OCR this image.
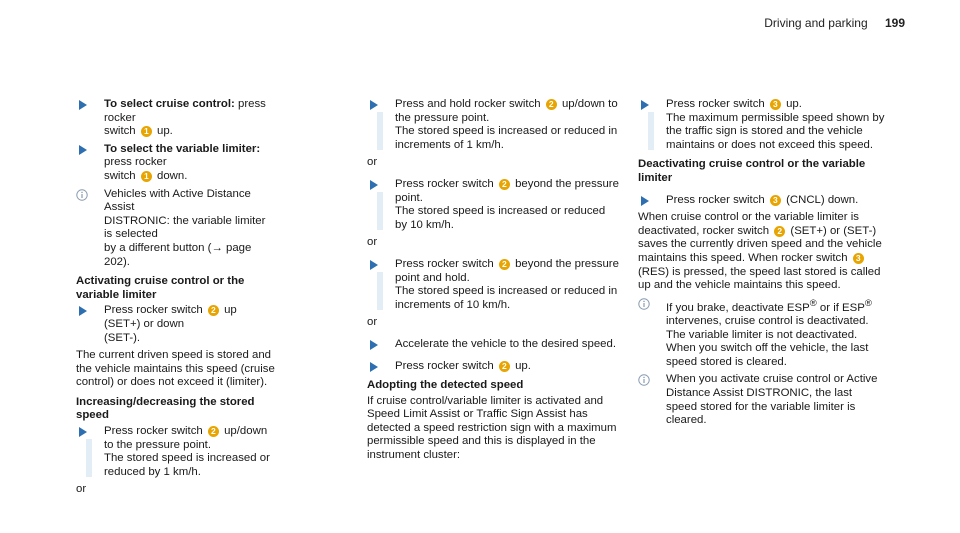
Driving and parking 199
To select cruise control: press rocker
switch 1 up.
To select the variable limiter: press rocker
switch 1 down.
Vehicles with Active Distance Assist
DISTRONIC: the variable limiter is selected
by a different button (→ page 202).
Activating cruise control or the variable limiter
Press rocker switch 2 up (SET+) or down
(SET-).
The current driven speed is stored and the vehicle maintains this speed (cruise control) or does not exceed it (limiter).
Increasing/decreasing the stored speed
Press rocker switch 2 up/down to the pressure point.
The stored speed is increased or reduced by 1 km/h.
or
Press and hold rocker switch 2 up/down to the pressure point.
The stored speed is increased or reduced in increments of 1 km/h.
or
Press rocker switch 2 beyond the pressure point.
The stored speed is increased or reduced by 10 km/h.
or
Press rocker switch 2 beyond the pressure point and hold.
The stored speed is increased or reduced in increments of 10 km/h.
or
Accelerate the vehicle to the desired speed.
Press rocker switch 2 up.
Adopting the detected speed
If cruise control/variable limiter is activated and Speed Limit Assist or Traffic Sign Assist has detected a speed restriction sign with a maximum permissible speed and this is displayed in the instrument cluster:
Press rocker switch 3 up.
The maximum permissible speed shown by the traffic sign is stored and the vehicle maintains or does not exceed this speed.
Deactivating cruise control or the variable limiter
Press rocker switch 3 (CNCL) down.
When cruise control or the variable limiter is deactivated, rocker switch 2 (SET+) or (SET-) saves the currently driven speed and the vehicle maintains this speed. When rocker switch 3 (RES) is pressed, the speed last stored is called up and the vehicle maintains this speed.
If you brake, deactivate ESP® or if ESP® intervenes, cruise control is deactivated. The variable limiter is not deactivated.
When you switch off the vehicle, the last speed stored is cleared.
When you activate cruise control or Active Distance Assist DISTRONIC, the last speed stored for the variable limiter is cleared.
